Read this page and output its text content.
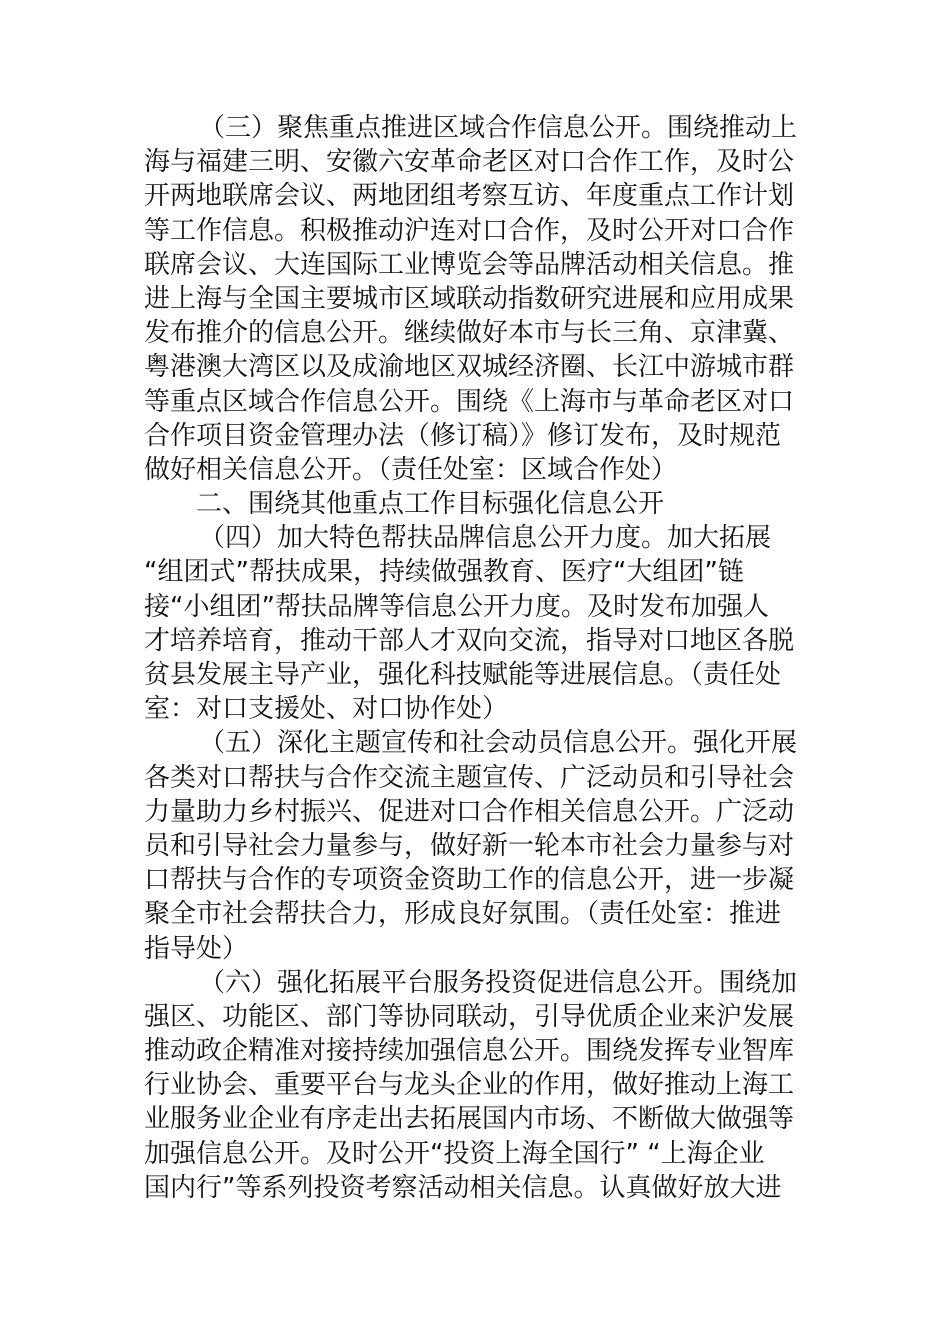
（三）聚焦重点推进区域合作信息公开。围绕推动上
海与福建三明、安徽六安革命老区对口合作工作，及时公
开两地联席会议、两地团组考察互访、年度重点工作计划
等工作信息。积极推动沪连对口合作，及时公开对口合作
联席会议、大连国际工业博览会等品牌活动相关信息。推
进上海与全国主要城市区域联动指数研究进展和应用成果
发布推介的信息公开。继续做好本市与长三角、京津冀、
粤港澳大湾区以及成渝地区双城经济圈、长江中游城市群
等重点区域合作信息公开。围绕《上海市与革命老区对口
合作项目资金管理办法（修订稿）》修订发布，及时规范
做好相关信息公开。（责任处室：区域合作处）
二、围绕其他重点工作目标强化信息公开
（四）加大特色帮扶品牌信息公开力度。加大拓展
“组团式”帮扶成果，持续做强教育、医疗“大组团”链
接“小组团”帮扶品牌等信息公开力度。及时发布加强人
才培养培育，推动干部人才双向交流，指导对口地区各脱
贫县发展主导产业，强化科技赋能等进展信息。（责任处
室：对口支援处、对口协作处）
（五）深化主题宣传和社会动员信息公开。强化开展
各类对口帮扶与合作交流主题宣传、广泛动员和引导社会
力量助力乡村振兴、促进对口合作相关信息公开。广泛动
员和引导社会力量参与，做好新一轮本市社会力量参与对
口帮扶与合作的专项资金资助工作的信息公开，进一步凝
聚全市社会帮扶合力，形成良好氛围。（责任处室：推进
指导处）
（六）强化拓展平台服务投资促进信息公开。围绕加
强区、功能区、部门等协同联动，引导优质企业来沪发展
推动政企精准对接持续加强信息公开。围绕发挥专业智库
行业协会、重要平台与龙头企业的作用，做好推动上海工
业服务业企业有序走出去拓展国内市场、不断做大做强等
加强信息公开。及时公开“投资上海全国行” “上海企业
国内行”等系列投资考察活动相关信息。认真做好放大进
